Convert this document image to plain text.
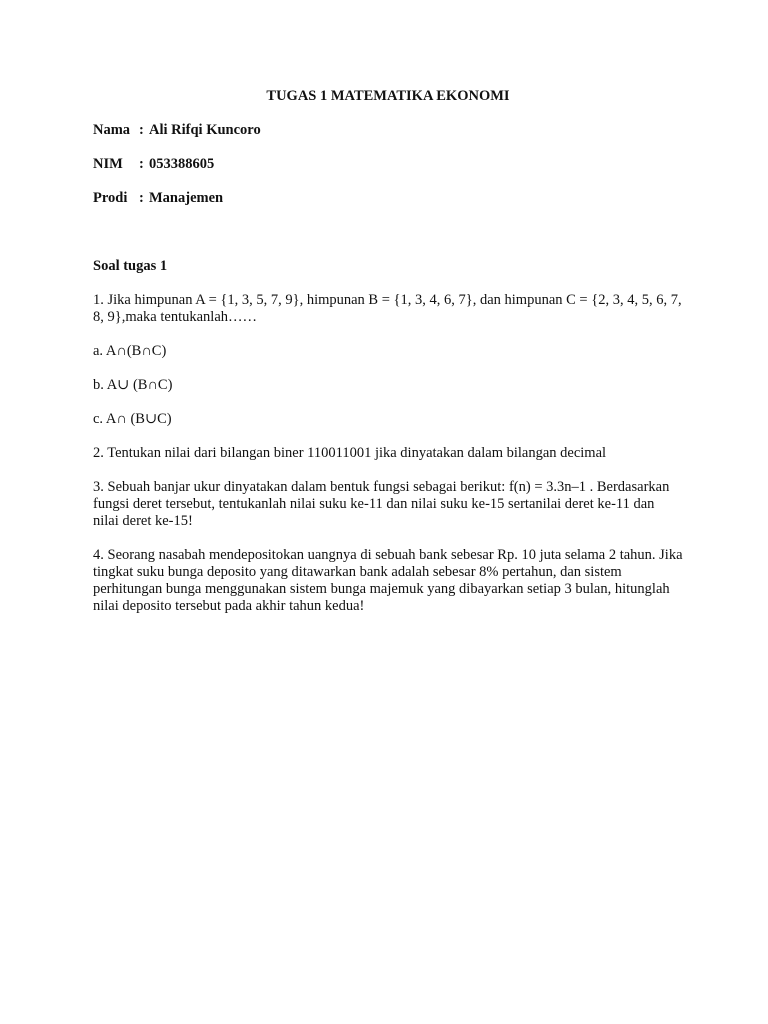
TUGAS 1 MATEMATIKA EKONOMI
Nama : Ali Rifqi Kuncoro
NIM	: 053388605
Prodi : Manajemen
Soal tugas 1
1. Jika himpunan A = {1, 3, 5, 7, 9}, himpunan B = {1, 3, 4, 6, 7}, dan himpunan C = {2, 3, 4, 5, 6, 7, 8, 9},maka tentukanlah……
a. A∩(B∩C)
b. A∪ (B∩C)
c. A∩ (B∪C)
2. Tentukan nilai dari bilangan biner 110011001 jika dinyatakan dalam bilangan decimal
3. Sebuah banjar ukur dinyatakan dalam bentuk fungsi sebagai berikut: f(n) = 3.3n–1 . Berdasarkan fungsi deret tersebut, tentukanlah nilai suku ke-11 dan nilai suku ke-15 sertanilai deret ke-11 dan nilai deret ke-15!
4. Seorang nasabah mendepositokan uangnya di sebuah bank sebesar Rp. 10 juta selama 2 tahun. Jika tingkat suku bunga deposito yang ditawarkan bank adalah sebesar 8% pertahun, dan sistem perhitungan bunga menggunakan sistem bunga majemuk yang dibayarkan setiap 3 bulan, hitunglah nilai deposito tersebut pada akhir tahun kedua!
